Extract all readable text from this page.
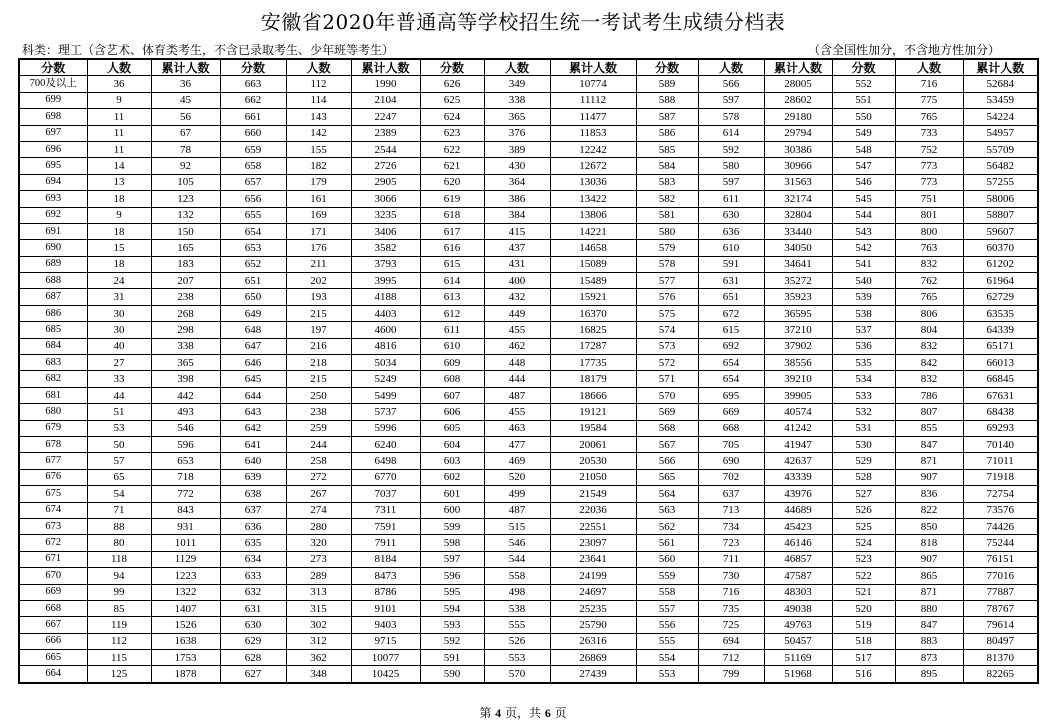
安徽省2020年普通高等学校招生统一考试考生成绩分档表
科类：理工（含艺术、体育类考生，不含已录取考生、少年班等考生）	（含全国性加分，不含地方性加分）
分数	人数	累计人数	分数	人数	累计人数	分数	人数	累计人数	分数	人数	累计人数	分数	人数	累计人数
700及以上	36	36	663	112	1990	626	349	10774	589	566	28005	552	716	52684
699	9	45	662	114	2104	625	338	11112	588	597	28602	551	775	53459
698	11	56	661	143	2247	624	365	11477	587	578	29180	550	765	54224
697	11	67	660	142	2389	623	376	11853	586	614	29794	549	733	54957
696	11	78	659	155	2544	622	389	12242	585	592	30386	548	752	55709
695	14	92	658	182	2726	621	430	12672	584	580	30966	547	773	56482
694	13	105	657	179	2905	620	364	13036	583	597	31563	546	773	57255
693	18	123	656	161	3066	619	386	13422	582	611	32174	545	751	58006
692	9	132	655	169	3235	618	384	13806	581	630	32804	544	801	58807
691	18	150	654	171	3406	617	415	14221	580	636	33440	543	800	59607
690	15	165	653	176	3582	616	437	14658	579	610	34050	542	763	60370
689	18	183	652	211	3793	615	431	15089	578	591	34641	541	832	61202
688	24	207	651	202	3995	614	400	15489	577	631	35272	540	762	61964
687	31	238	650	193	4188	613	432	15921	576	651	35923	539	765	62729
686	30	268	649	215	4403	612	449	16370	575	672	36595	538	806	63535
685	30	298	648	197	4600	611	455	16825	574	615	37210	537	804	64339
684	40	338	647	216	4816	610	462	17287	573	692	37902	536	832	65171
683	27	365	646	218	5034	609	448	17735	572	654	38556	535	842	66013
682	33	398	645	215	5249	608	444	18179	571	654	39210	534	832	66845
681	44	442	644	250	5499	607	487	18666	570	695	39905	533	786	67631
680	51	493	643	238	5737	606	455	19121	569	669	40574	532	807	68438
679	53	546	642	259	5996	605	463	19584	568	668	41242	531	855	69293
678	50	596	641	244	6240	604	477	20061	567	705	41947	530	847	70140
677	57	653	640	258	6498	603	469	20530	566	690	42637	529	871	71011
676	65	718	639	272	6770	602	520	21050	565	702	43339	528	907	71918
675	54	772	638	267	7037	601	499	21549	564	637	43976	527	836	72754
674	71	843	637	274	7311	600	487	22036	563	713	44689	526	822	73576
673	88	931	636	280	7591	599	515	22551	562	734	45423	525	850	74426
672	80	1011	635	320	7911	598	546	23097	561	723	46146	524	818	75244
671	118	1129	634	273	8184	597	544	23641	560	711	46857	523	907	76151
670	94	1223	633	289	8473	596	558	24199	559	730	47587	522	865	77016
669	99	1322	632	313	8786	595	498	24697	558	716	48303	521	871	77887
668	85	1407	631	315	9101	594	538	25235	557	735	49038	520	880	78767
667	119	1526	630	302	9403	593	555	25790	556	725	49763	519	847	79614
666	112	1638	629	312	9715	592	526	26316	555	694	50457	518	883	80497
665	115	1753	628	362	10077	591	553	26869	554	712	51169	517	873	81370
664	125	1878	627	348	10425	590	570	27439	553	799	51968	516	895	82265
第 4 页，共 6 页
